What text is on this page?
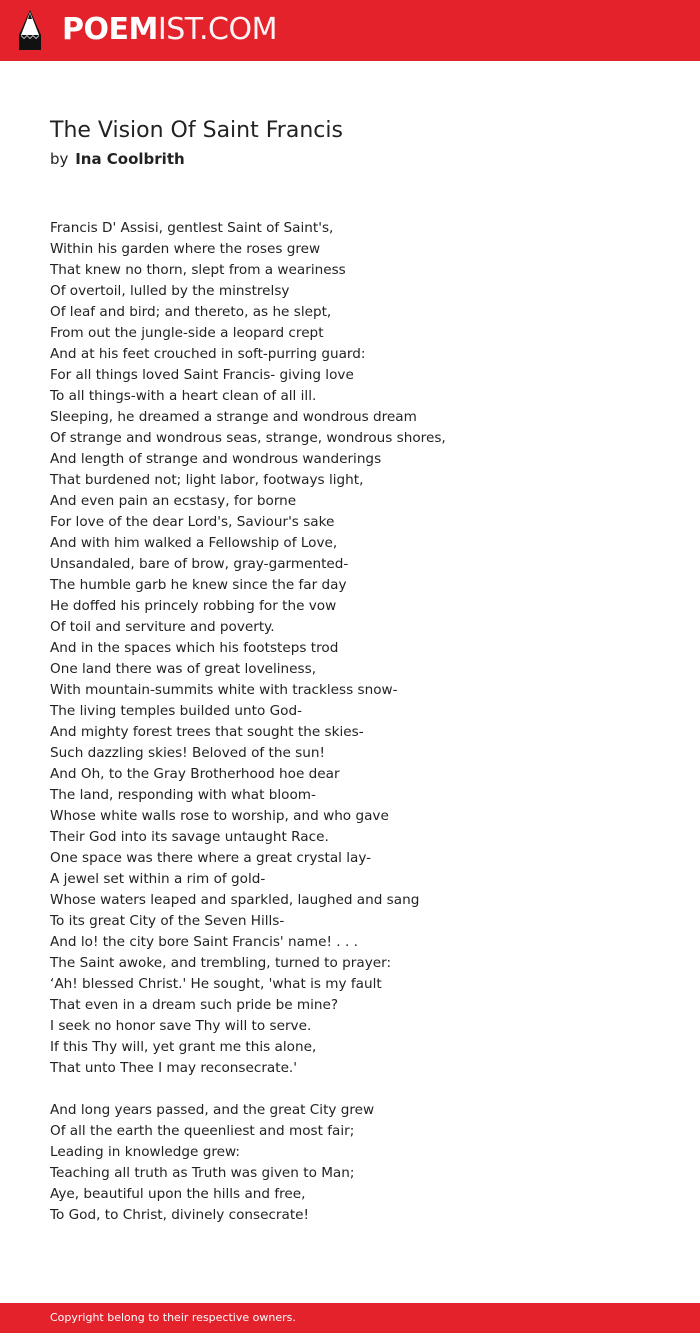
POEMIST.COM
The Vision Of Saint Francis
by Ina Coolbrith
Francis D' Assisi, gentlest Saint of Saint's,
Within his garden where the roses grew
That knew no thorn, slept from a weariness
Of overtoil, lulled by the minstrelsy
Of leaf and bird; and thereto, as he slept,
From out the jungle-side a leopard crept
And at his feet crouched in soft-purring guard:
For all things loved Saint Francis- giving love
To all things-with a heart clean of all ill.
Sleeping, he dreamed a strange and wondrous dream
Of strange and wondrous seas, strange, wondrous shores,
And length of strange and wondrous wanderings
That burdened not; light labor, footways light,
And even pain an ecstasy, for borne
For love of the dear Lord's, Saviour's sake
And with him walked a Fellowship of Love,
Unsandaled, bare of brow, gray-garmented-
The humble garb he knew since the far day
He doffed his princely robbing for the vow
Of toil and serviture and poverty.
And in the spaces which his footsteps trod
One land there was of great loveliness,
With mountain-summits white with trackless snow-
The living temples builded unto God-
And mighty forest trees that sought the skies-
Such dazzling skies! Beloved of the sun!
And Oh, to the Gray Brotherhood hoe dear
The land, responding with what bloom-
Whose white walls rose to worship, and who gave
Their God into its savage untaught Race.
One space was there where a great crystal lay-
A jewel set within a rim of gold-
Whose waters leaped and sparkled, laughed and sang
To its great City of the Seven Hills-
And lo! the city bore Saint Francis' name! . . .
The Saint awoke, and trembling, turned to prayer:
‘Ah! blessed Christ.' He sought, 'what is my fault
That even in a dream such pride be mine?
I seek no honor save Thy will to serve.
If this Thy will, yet grant me this alone,
That unto Thee I may reconsecrate.'
And long years passed, and the great City grew
Of all the earth the queenliest and most fair;
Leading in knowledge grew:
Teaching all truth as Truth was given to Man;
Aye, beautiful upon the hills and free,
To God, to Christ, divinely consecrate!
Copyright belong to their respective owners.
